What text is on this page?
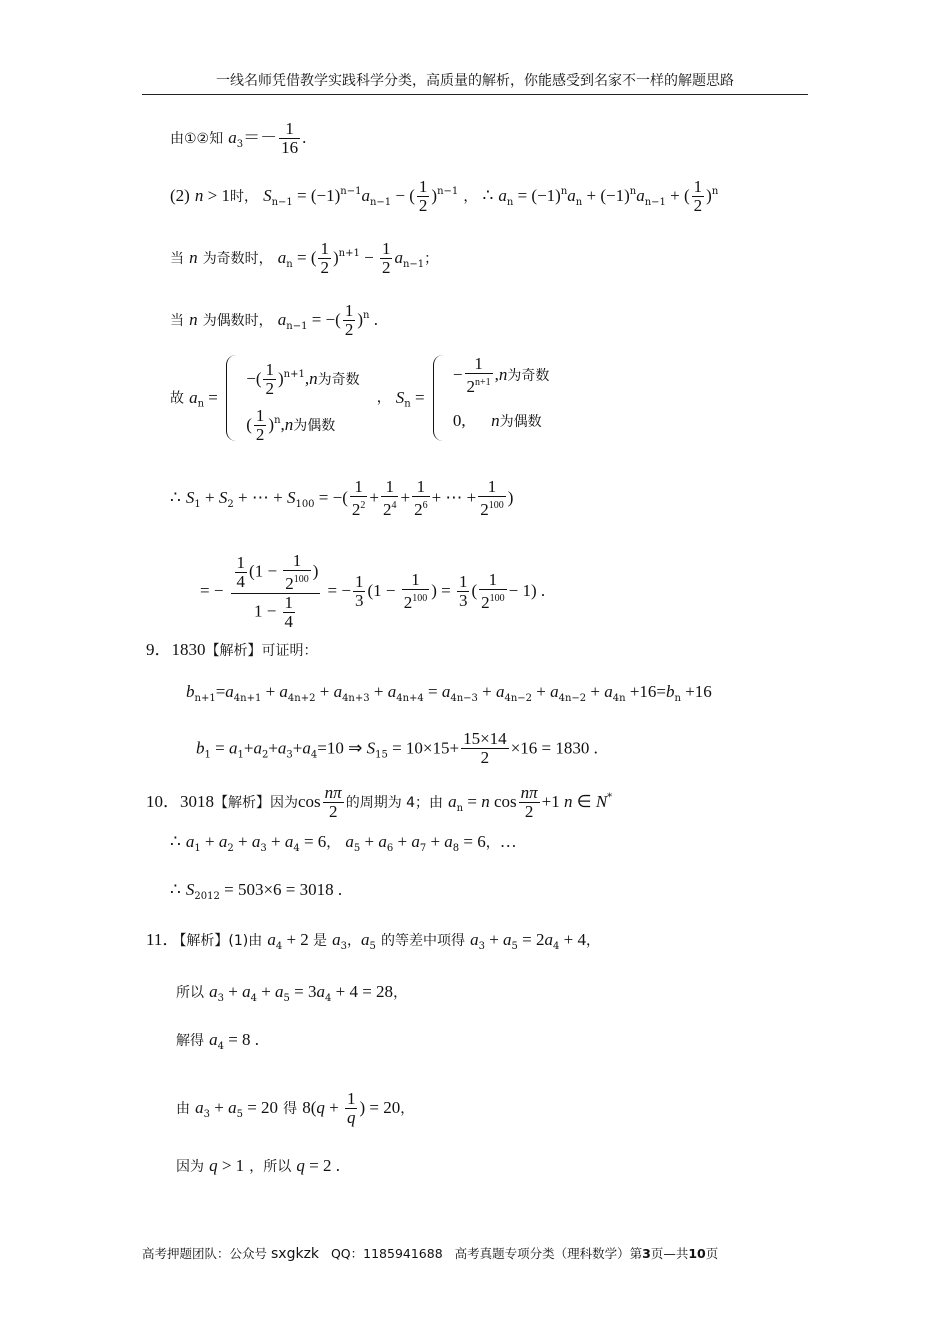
一线名师凭借教学实践科学分类，高质量的解析，你能感受到名家不一样的解题思路
由①②知 $a_3=- \frac{1}{16}$ .
(2) n > 1时， $S_{n-1} = (-1)^{n-1}a_{n-1}$ − ( $\frac{1}{2} )^{n-1}$ ， ∴ $a_n = (-1)^na_n + (-1)^na_{n-1}$ + ( $\frac{1}{2} )^n$
当 n 为奇数时， $a_n$ = ( $\frac{1}{2} )^{n+1} - \frac{1}{2} a_{n-1}$；
当 n 为偶数时， $a_{n-1}$ = −( $\frac{1}{2} )^n$ .
故 $a_n$ =
−( $\frac{1}{2} )^{n+1},n$为奇数
( $\frac{1}{2} )^n,n$为偶数
， $S_n$ =
− $\frac{1}{2^{n+1}} ,n$为奇数
0,      n为偶数
∴ $S_1 + S_2$ + ⋯ + $S_{100}$ = −( $\frac{1}{2^2} + \frac{1}{2^4} + \frac{1}{2^6}$ + ⋯ + $\frac{1}{2^{100}}$ )
= − $\frac{\frac{1}{4} (1 - \frac{1}{2^{100}} )}{1 - \frac{1}{4}}$ = − $\frac{1}{3} (1 - \frac{1}{2^{100}}$ ) = $\frac{1}{3}$ ( $\frac{1}{2^{100}} - 1$) .
9．1830【解析】可证明：
$b_{n+1}=a_{4n+1} + a_{4n+2} + a_{4n+3} + a_{4n+4} = a_{4n-3} + a_{4n-2} + a_{4n-2} + a_{4n} +16=b_n +16$
$b_1 = a_1+a_2+a_3+a_4=10$ ⇒ $S_{15} = 10\times 15+ \frac{15\times 14}{2} \times 16 = 1830$ .
10．3018【解析】因为$\cos \frac{n\pi}{2}$ 的周期为 4；由 $a_n = n$ $\cos \frac{n\pi}{2} +1$ n ∈ N*
∴ $a_1 + a_2 + a_3 + a_4 = 6$， $a_5 + a_6 + a_7 + a_8 = 6$，…
∴ $S_{2012} = 503\times 6 = 3018$ .
11．【解析】(1)由 $a_4 + 2$ 是 $a_3$，$a_5$ 的等差中项得 $a_3 + a_5 = 2a_4 + 4$，
所以 $a_3 + a_4 + a_5 = 3a_4 + 4 = 28$，
解得 $a_4 = 8$ .
由 $a_3 + a_5 = 20$ 得 $8(q + \frac{1}{q}$ ) = 20，
因为 q > 1 ，所以 q = 2 .
高考押题团队：公众号 sxgkzk QQ：1185941688 高考真题专项分类（理科数学）第3页—共10页
